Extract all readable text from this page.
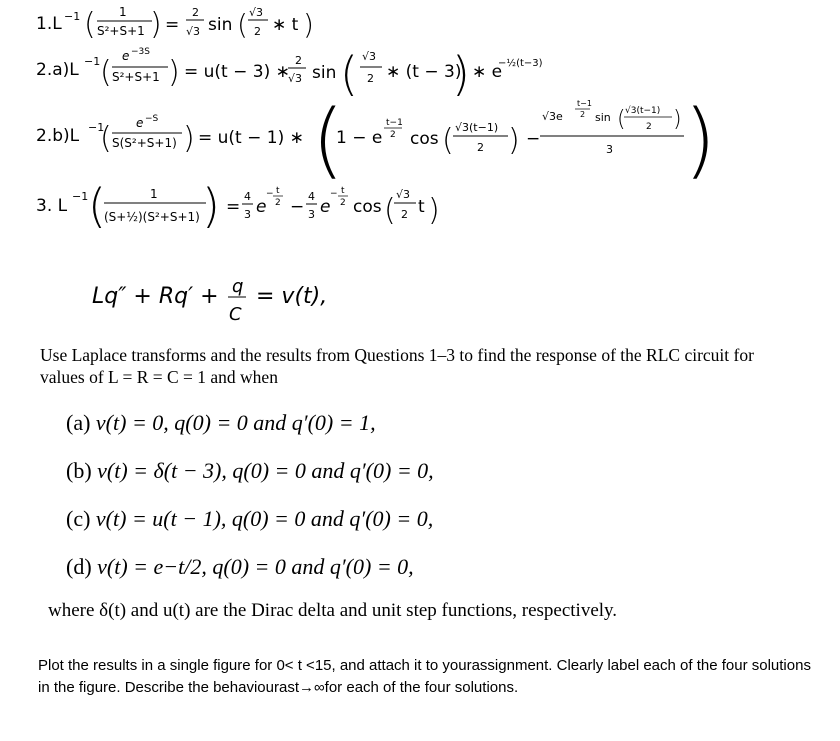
1.L −1 ( 1
S²+S+1 ) =
2
√3 sin ( √3
2 ∗ t )
2.a)L −1 ( e −3S
S²+S+1 ) = u(t − 3) ∗
2
√3 sin ( √3
2 ∗ (t − 3)
) ∗ e
−½(t−3)
2.b)L −1
( e −S
S(S²+S+1) ) = u(t − 1) ∗ (
1 − e
t−1
2 cos ( √3(t−1)
2 ) −
√3e
t−1
2 sin ( √3(t−1)
2 )
3 )
3. L −1 (	1
(S+½)(S²+S+1) ) =
4
3 e
− t
2 −
4
3 e
− t
2 cos ( √3
2 t )
Lq″ + Rq′ + q
C
= v(t),
Use Laplace transforms and the results from Questions 1–3 to find the response of the RLC circuit for values of L = R = C = 1 and when
(a) v(t) = 0, q(0) = 0 and q′(0) = 1,
(b) v(t) = δ(t − 3), q(0) = 0 and q′(0) = 0,
(c) v(t) = u(t − 1), q(0) = 0 and q′(0) = 0,
(d) v(t) = e−t/2, q(0) = 0 and q′(0) = 0,
where δ(t) and u(t) are the Dirac delta and unit step functions, respectively.
Plot the results in a single figure for 0< t <15, and attach it to yourassignment. Clearly label each of the four solutions in the figure. Describe the behaviourast→∞for each of the four solutions.
